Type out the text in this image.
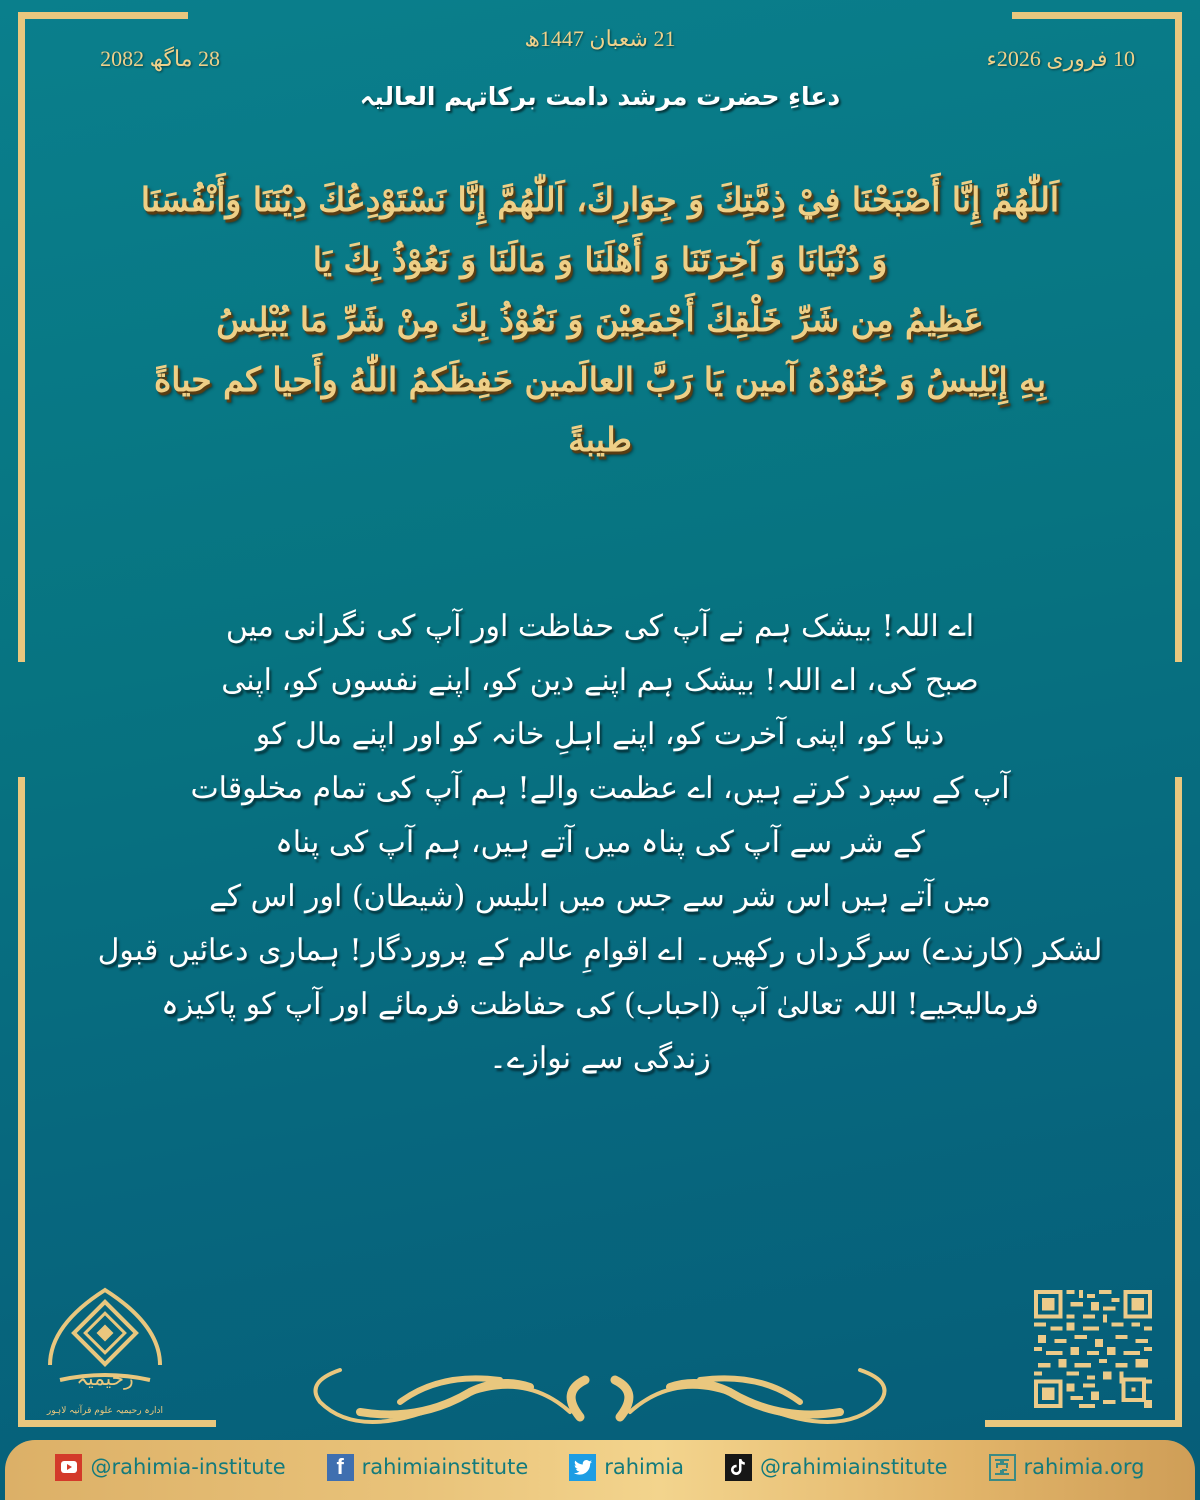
21 شعبان 1447ھ
10 فروری 2026ء
28 ماگھ 2082
دعاءِ حضرت مرشد دامت برکاتہم العالیہ
اَللّٰهُمَّ إِنَّا أَصْبَحْنَا فِيْ ذِمَّتِكَ وَ جِوَارِكَ، اَللّٰهُمَّ إِنَّا نَسْتَوْدِعُكَ دِيْنَنَا وَأَنْفُسَنَا
وَ دُنْيَانَا وَ آخِرَتَنَا وَ أَهْلَنَا وَ مَالَنَا وَ نَعُوْذُ بِكَ يَا
عَظِيمُ مِن شَرِّ خَلْقِكَ أَجْمَعِيْنَ وَ نَعُوْذُ بِكَ مِنْ شَرِّ مَا يُبْلِسُ
بِهِ إِبْلِيسُ وَ جُنُوْدُهُ آمين يَا رَبَّ العالَمين حَفِظَكمُ اللّٰهُ وأَحيا كم حياةً
طيبةً
اے اللہ! بیشک ہم نے آپ کی حفاظت اور آپ کی نگرانی میں
صبح کی، اے اللہ! بیشک ہم اپنے دین کو، اپنے نفسوں کو، اپنی
دنیا کو، اپنی آخرت کو، اپنے اہلِ خانہ کو اور اپنے مال کو
آپ کے سپرد کرتے ہیں، اے عظمت والے! ہم آپ کی تمام مخلوقات
کے شر سے آپ کی پناہ میں آتے ہیں، ہم آپ کی پناہ
میں آتے ہیں اس شر سے جس میں ابلیس (شیطان) اور اس کے
لشکر (کارندے) سرگرداں رکھیں۔ اے اقوامِ عالم کے پروردگار! ہماری دعائیں قبول
فرمالیجیے! اللہ تعالیٰ آپ (احباب) کی حفاظت فرمائے اور آپ کو پاکیزہ
زندگی سے نوازے۔
رحیمیہ
ادارہ رحیمیہ علوم قرآنیہ لاہور
@rahimia-institute	f rahimiainstitute	rahimia	@rahimiainstitute	rahimia.org
